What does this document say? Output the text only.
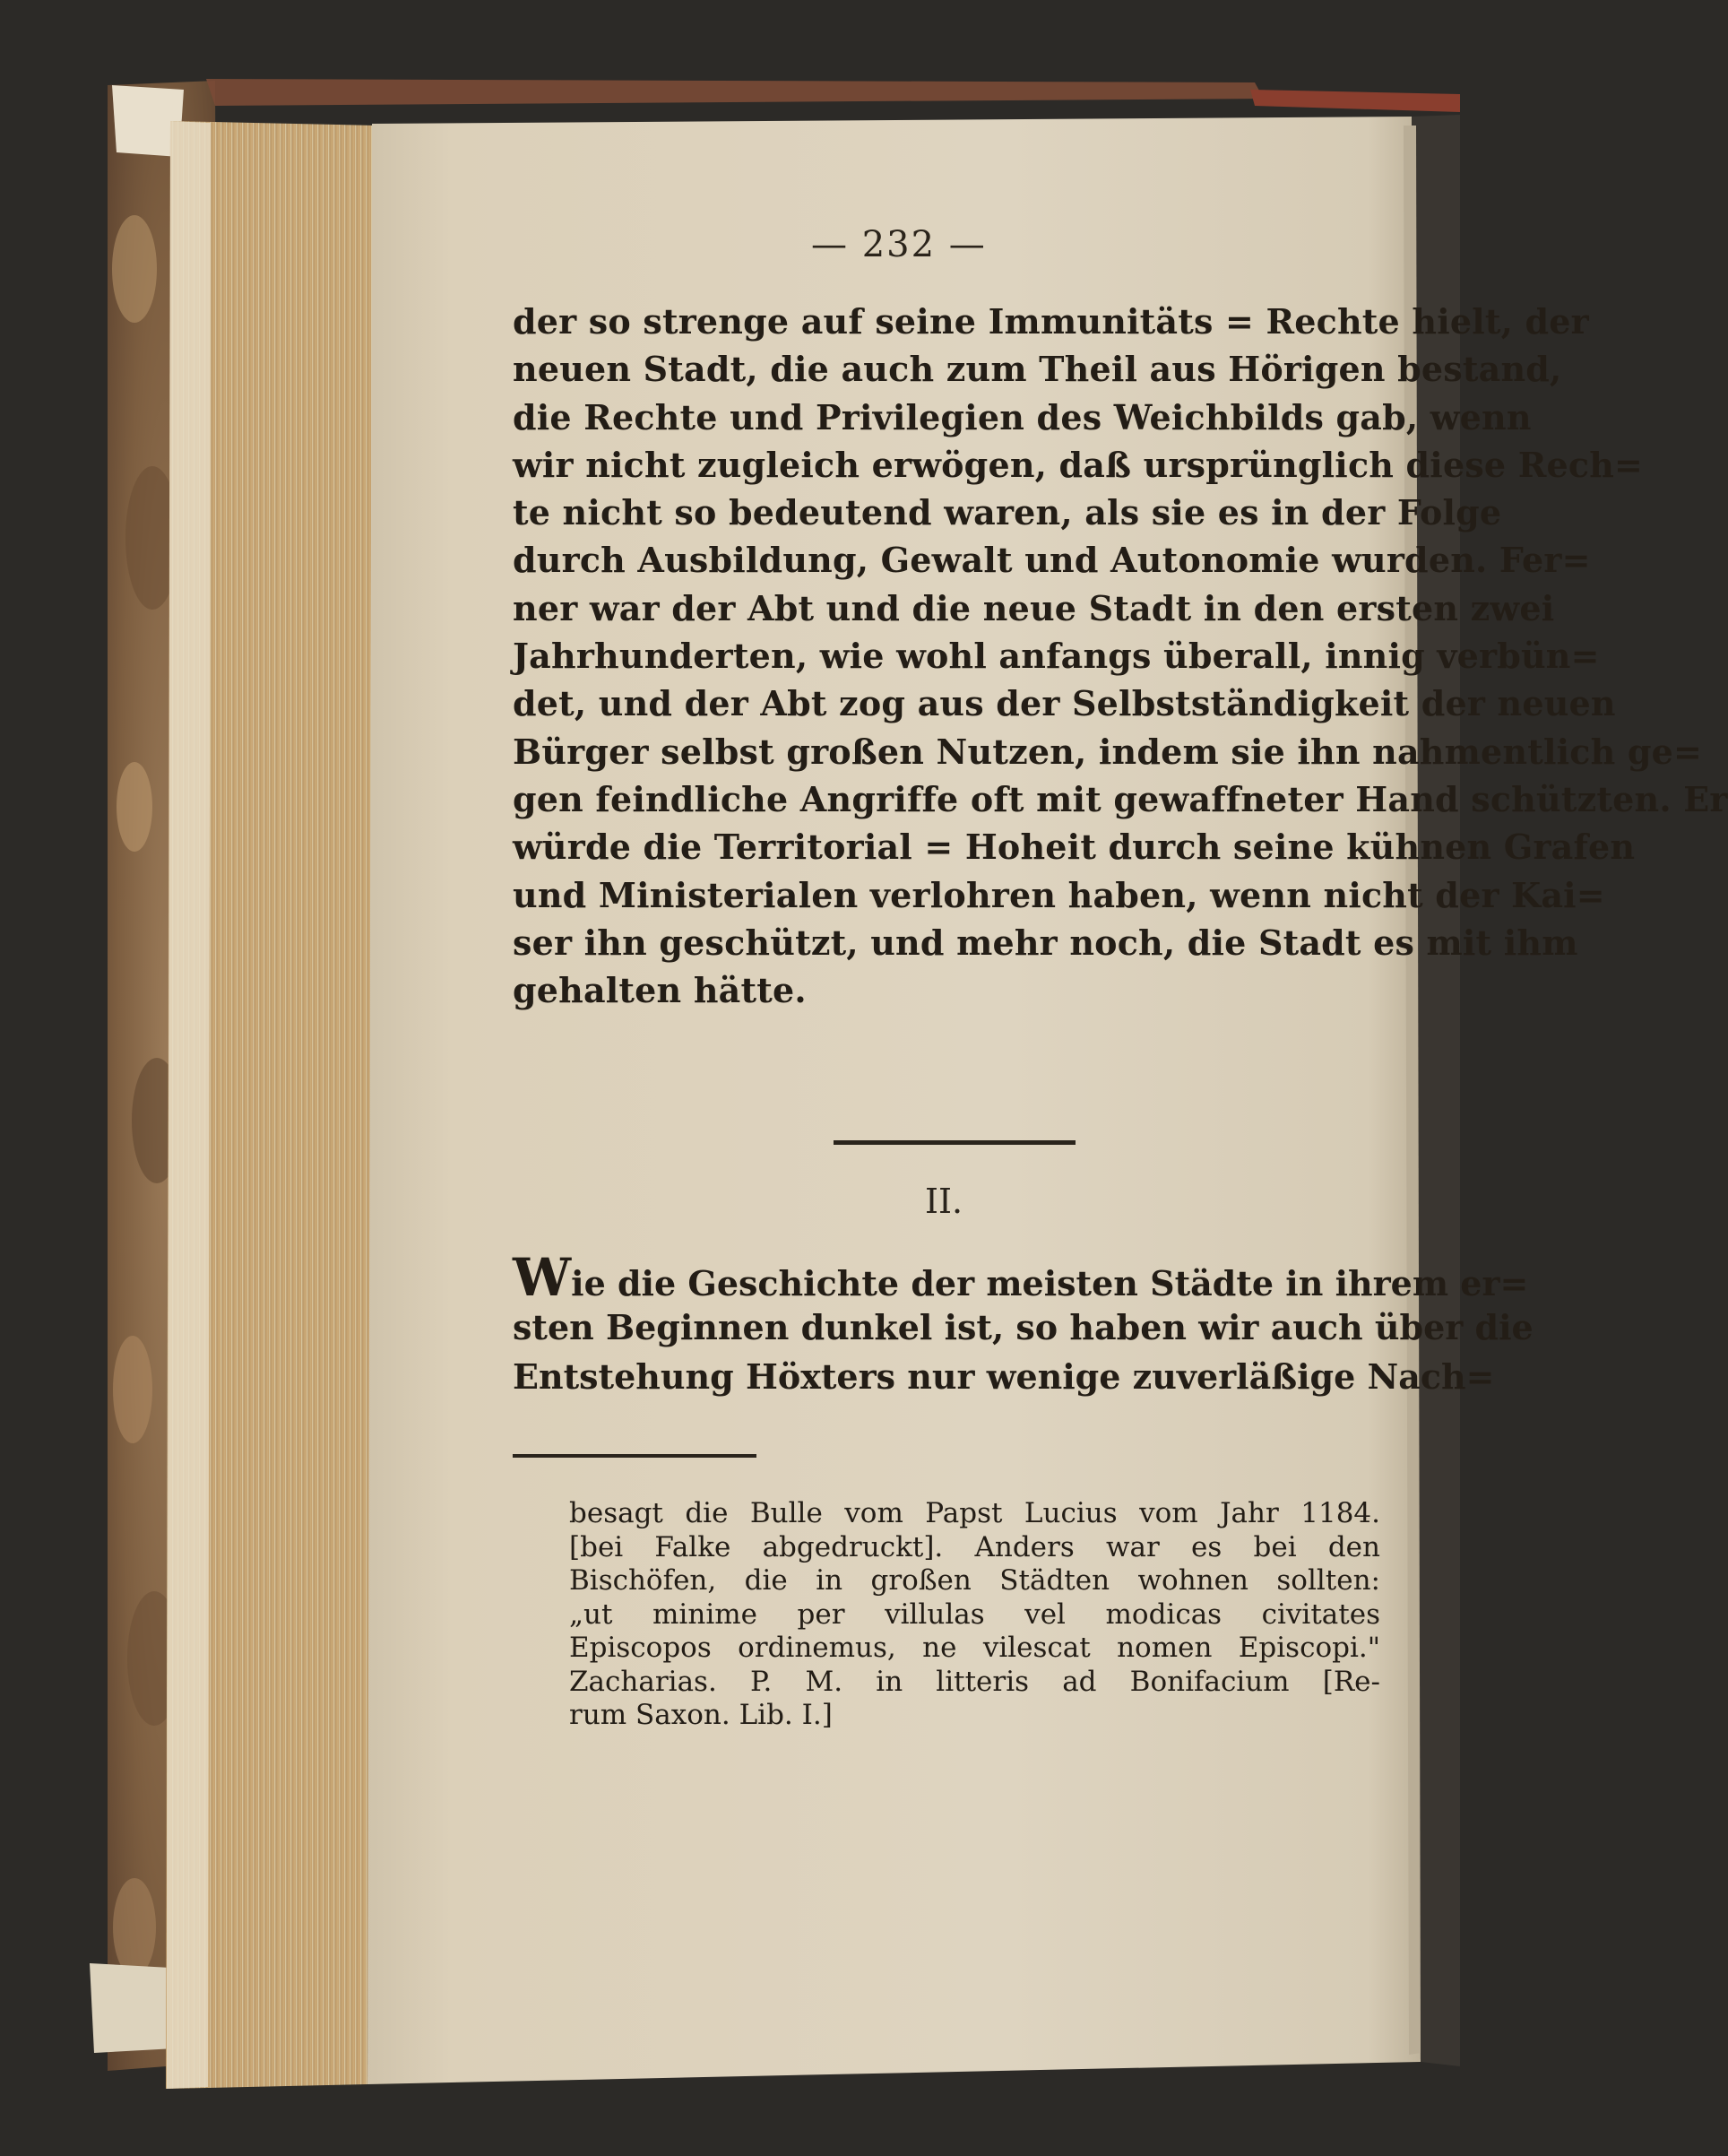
— 232 —
der so strenge auf seine Immunitäts = Rechte hielt, der
neuen Stadt, die auch zum Theil aus Hörigen bestand,
die Rechte und Privilegien des Weichbilds gab, wenn
wir nicht zugleich erwögen, daß ursprünglich diese Rech=
te nicht so bedeutend waren, als sie es in der Folge
durch Ausbildung, Gewalt und Autonomie wurden. Fer=
ner war der Abt und die neue Stadt in den ersten zwei
Jahrhunderten, wie wohl anfangs überall, innig verbün=
det, und der Abt zog aus der Selbstständigkeit der neuen
Bürger selbst großen Nutzen, indem sie ihn nahmentlich ge=
gen feindliche Angriffe oft mit gewaffneter Hand schützten. Er
würde die Territorial = Hoheit durch seine kühnen Grafen
und Ministerialen verlohren haben, wenn nicht der Kai=
ser ihn geschützt, und mehr noch, die Stadt es mit ihm
gehalten hätte.
II.
Wie die Geschichte der meisten Städte in ihrem er=
sten Beginnen dunkel ist, so haben wir auch über die
Entstehung Höxters nur wenige zuverläßige Nach=
besagt die Bulle vom Papst Lucius vom Jahr 1184.
[bei Falke abgedruckt]. Anders war es bei den
Bischöfen, die in großen Städten wohnen sollten:
„ut minime per villulas vel modicas civitates
Episcopos ordinemus, ne vilescat nomen Episcopi."
Zacharias. P. M. in litteris ad Bonifacium [Re-
rum Saxon. Lib. I.]
